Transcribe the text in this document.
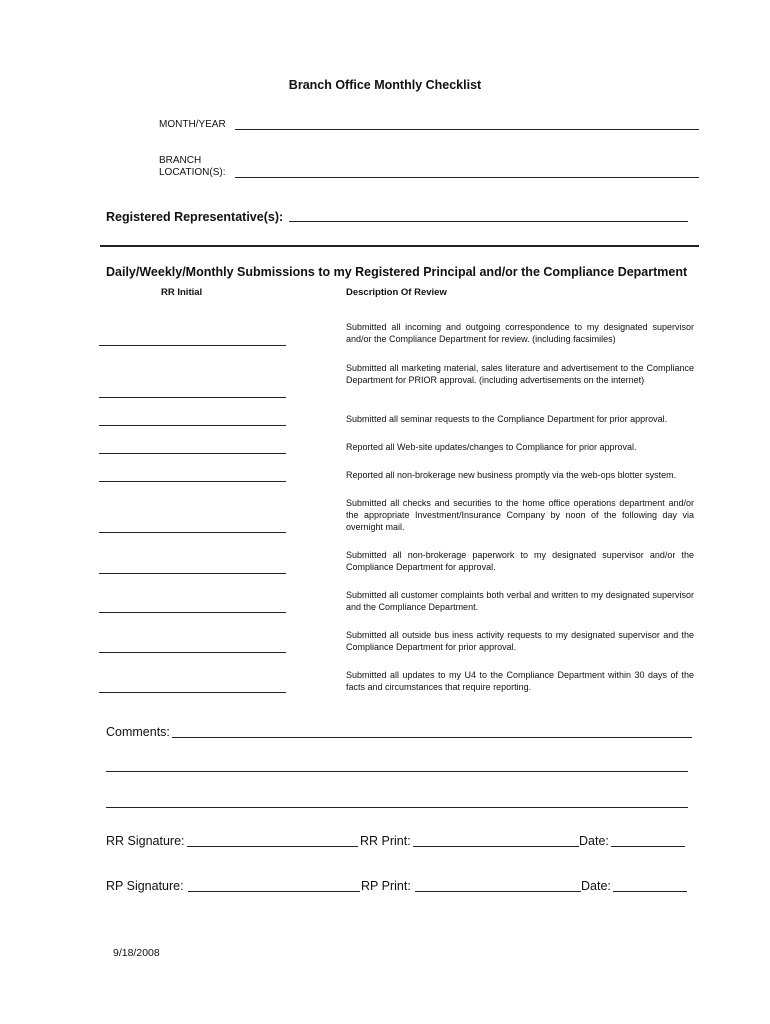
Branch Office Monthly Checklist
MONTH/YEAR
BRANCH
LOCATION(S):
Registered Representative(s):
Daily/Weekly/Monthly Submissions to my Registered Principal and/or the Compliance Department
RR Initial	Description Of Review
Submitted all incoming and outgoing correspondence to my designated supervisor and/or the Compliance Department for review. (including facsimiles)
Submitted all marketing material, sales literature and advertisement to the Compliance Department for PRIOR approval. (including advertisements on the internet)
Submitted all seminar requests to the Compliance Department for prior approval.
Reported all Web-site updates/changes to Compliance for prior approval.
Reported all non-brokerage new business promptly via the web-ops blotter system.
Submitted all checks and securities to the home office operations department and/or the appropriate Investment/Insurance Company by noon of the following day via overnight mail.
Submitted all non-brokerage paperwork to my designated supervisor and/or the Compliance Department for approval.
Submitted all customer complaints both verbal and written to my designated supervisor and the Compliance Department.
Submitted all outside bus iness activity requests to my designated supervisor and the Compliance Department for prior approval.
Submitted all updates to my U4 to the Compliance Department within 30 days of the facts and circumstances that require reporting.
Comments:
RR Signature:	RR Print:	Date:
RP Signature:	RP Print:	Date:
9/18/2008
